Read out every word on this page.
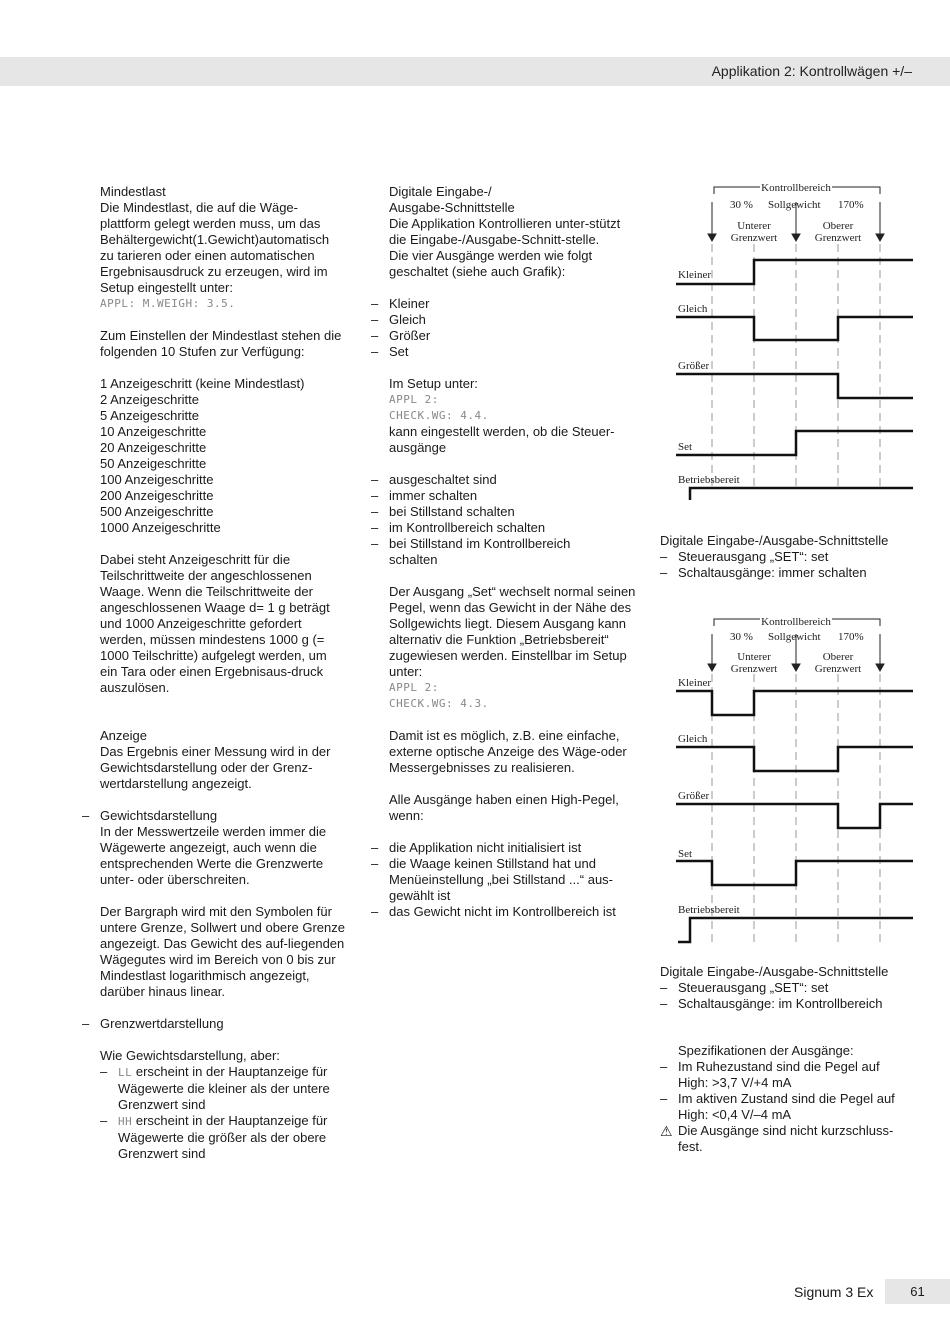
Applikation 2: Kontrollwägen +/–

Mindestlast

Die Mindestlast, die auf die Wäge-plattform gelegt werden muss, um das Behältergewicht(1.Gewicht)automatisch zu tarieren oder einen automatischen Ergebnisausdruck zu erzeugen, wird im Setup eingestellt unter:

APPL: M.WEIGH: 3.5.

Zum Einstellen der Mindestlast stehen die folgenden 10 Stufen zur Verfügung:

1 Anzeigeschritt (keine Mindestlast)

2 Anzeigeschritte

5 Anzeigeschritte

10 Anzeigeschritte

20 Anzeigeschritte

50 Anzeigeschritte

100 Anzeigeschritte

200 Anzeigeschritte

500 Anzeigeschritte

1000 Anzeigeschritte

Dabei steht Anzeigeschritt für die Teilschrittweite der angeschlossenen Waage. Wenn die Teilschrittweite der angeschlossenen Waage d= 1 g beträgt und 1000 Anzeigeschritte gefordert werden, müssen mindestens 1000 g (= 1000 Teilschritte) aufgelegt werden, um ein Tara oder einen Ergebnisaus-druck auszulösen.

Anzeige

Das Ergebnis einer Messung wird in der Gewichtsdarstellung oder der Grenz-wertdarstellung angezeigt.

– Gewichtsdarstellung

In der Messwertzeile werden immer die Wägewerte angezeigt, auch wenn die entsprechenden Werte die Grenzwerte unter- oder überschreiten.

Der Bargraph wird mit den Symbolen für untere Grenze, Sollwert und obere Grenze angezeigt. Das Gewicht des auf-liegenden Wägegutes wird im Bereich von 0 bis zur Mindestlast logarithmisch angezeigt, darüber hinaus linear.

– Grenzwertdarstellung

Wie Gewichtsdarstellung, aber:

– LL erscheint in der Hauptanzeige für Wägewerte die kleiner als der untere Grenzwert sind

– HH erscheint in der Hauptanzeige für Wägewerte die größer als der obere Grenzwert sind

Digitale Eingabe-/ Ausgabe-Schnittstelle

Die Applikation Kontrollieren unter-stützt die Eingabe-/Ausgabe-Schnitt-stelle.

Die vier Ausgänge werden wie folgt geschaltet (siehe auch Grafik):

– Kleiner

– Gleich

– Größer

– Set

Im Setup unter:

APPL 2:

CHECK.WG: 4.4.

kann eingestellt werden, ob die Steuer-ausgänge

– ausgeschaltet sind

– immer schalten

– bei Stillstand schalten

– im Kontrollbereich schalten

– bei Stillstand im Kontrollbereich schalten

Der Ausgang „Set“ wechselt normal seinen Pegel, wenn das Gewicht in der Nähe des Sollgewichts liegt. Diesem Ausgang kann alternativ die Funktion „Betriebsbereit“ zugewiesen werden. Einstellbar im Setup unter:

APPL 2:

CHECK.WG: 4.3.

Damit ist es möglich, z.B. eine einfache, externe optische Anzeige des Wäge-oder Messergebnisses zu realisieren.

Alle Ausgänge haben einen High-Pegel, wenn:

– die Applikation nicht initialisiert ist

– die Waage keinen Stillstand hat und Menüeinstellung „bei Stillstand ...“ aus-gewählt ist

– das Gewicht nicht im Kontrollbereich ist

Kontrollbereich
30 % Sollgewicht 170%
Unterer
Grenzwert
Oberer
Grenzwert
Kleiner
Gleich
Größer
Set
Betriebsbereit

Digitale Eingabe-/Ausgabe-Schnittstelle

– Steuerausgang „SET“: set

– Schaltausgänge: immer schalten

Kontrollbereich
30 % Sollgewicht 170%
Unterer
Grenzwert
Oberer
Grenzwert
Kleiner
Gleich
Größer
Set
Betriebsbereit

Digitale Eingabe-/Ausgabe-Schnittstelle

– Steuerausgang „SET“: set

– Schaltausgänge: im Kontrollbereich

Spezifikationen der Ausgänge:

– Im Ruhezustand sind die Pegel auf High: >3,7 V/+4 mA

– Im aktiven Zustand sind die Pegel auf High: <0,4 V/–4 mA

⚠ Die Ausgänge sind nicht kurzschluss-fest.

Signum 3 Ex	61
